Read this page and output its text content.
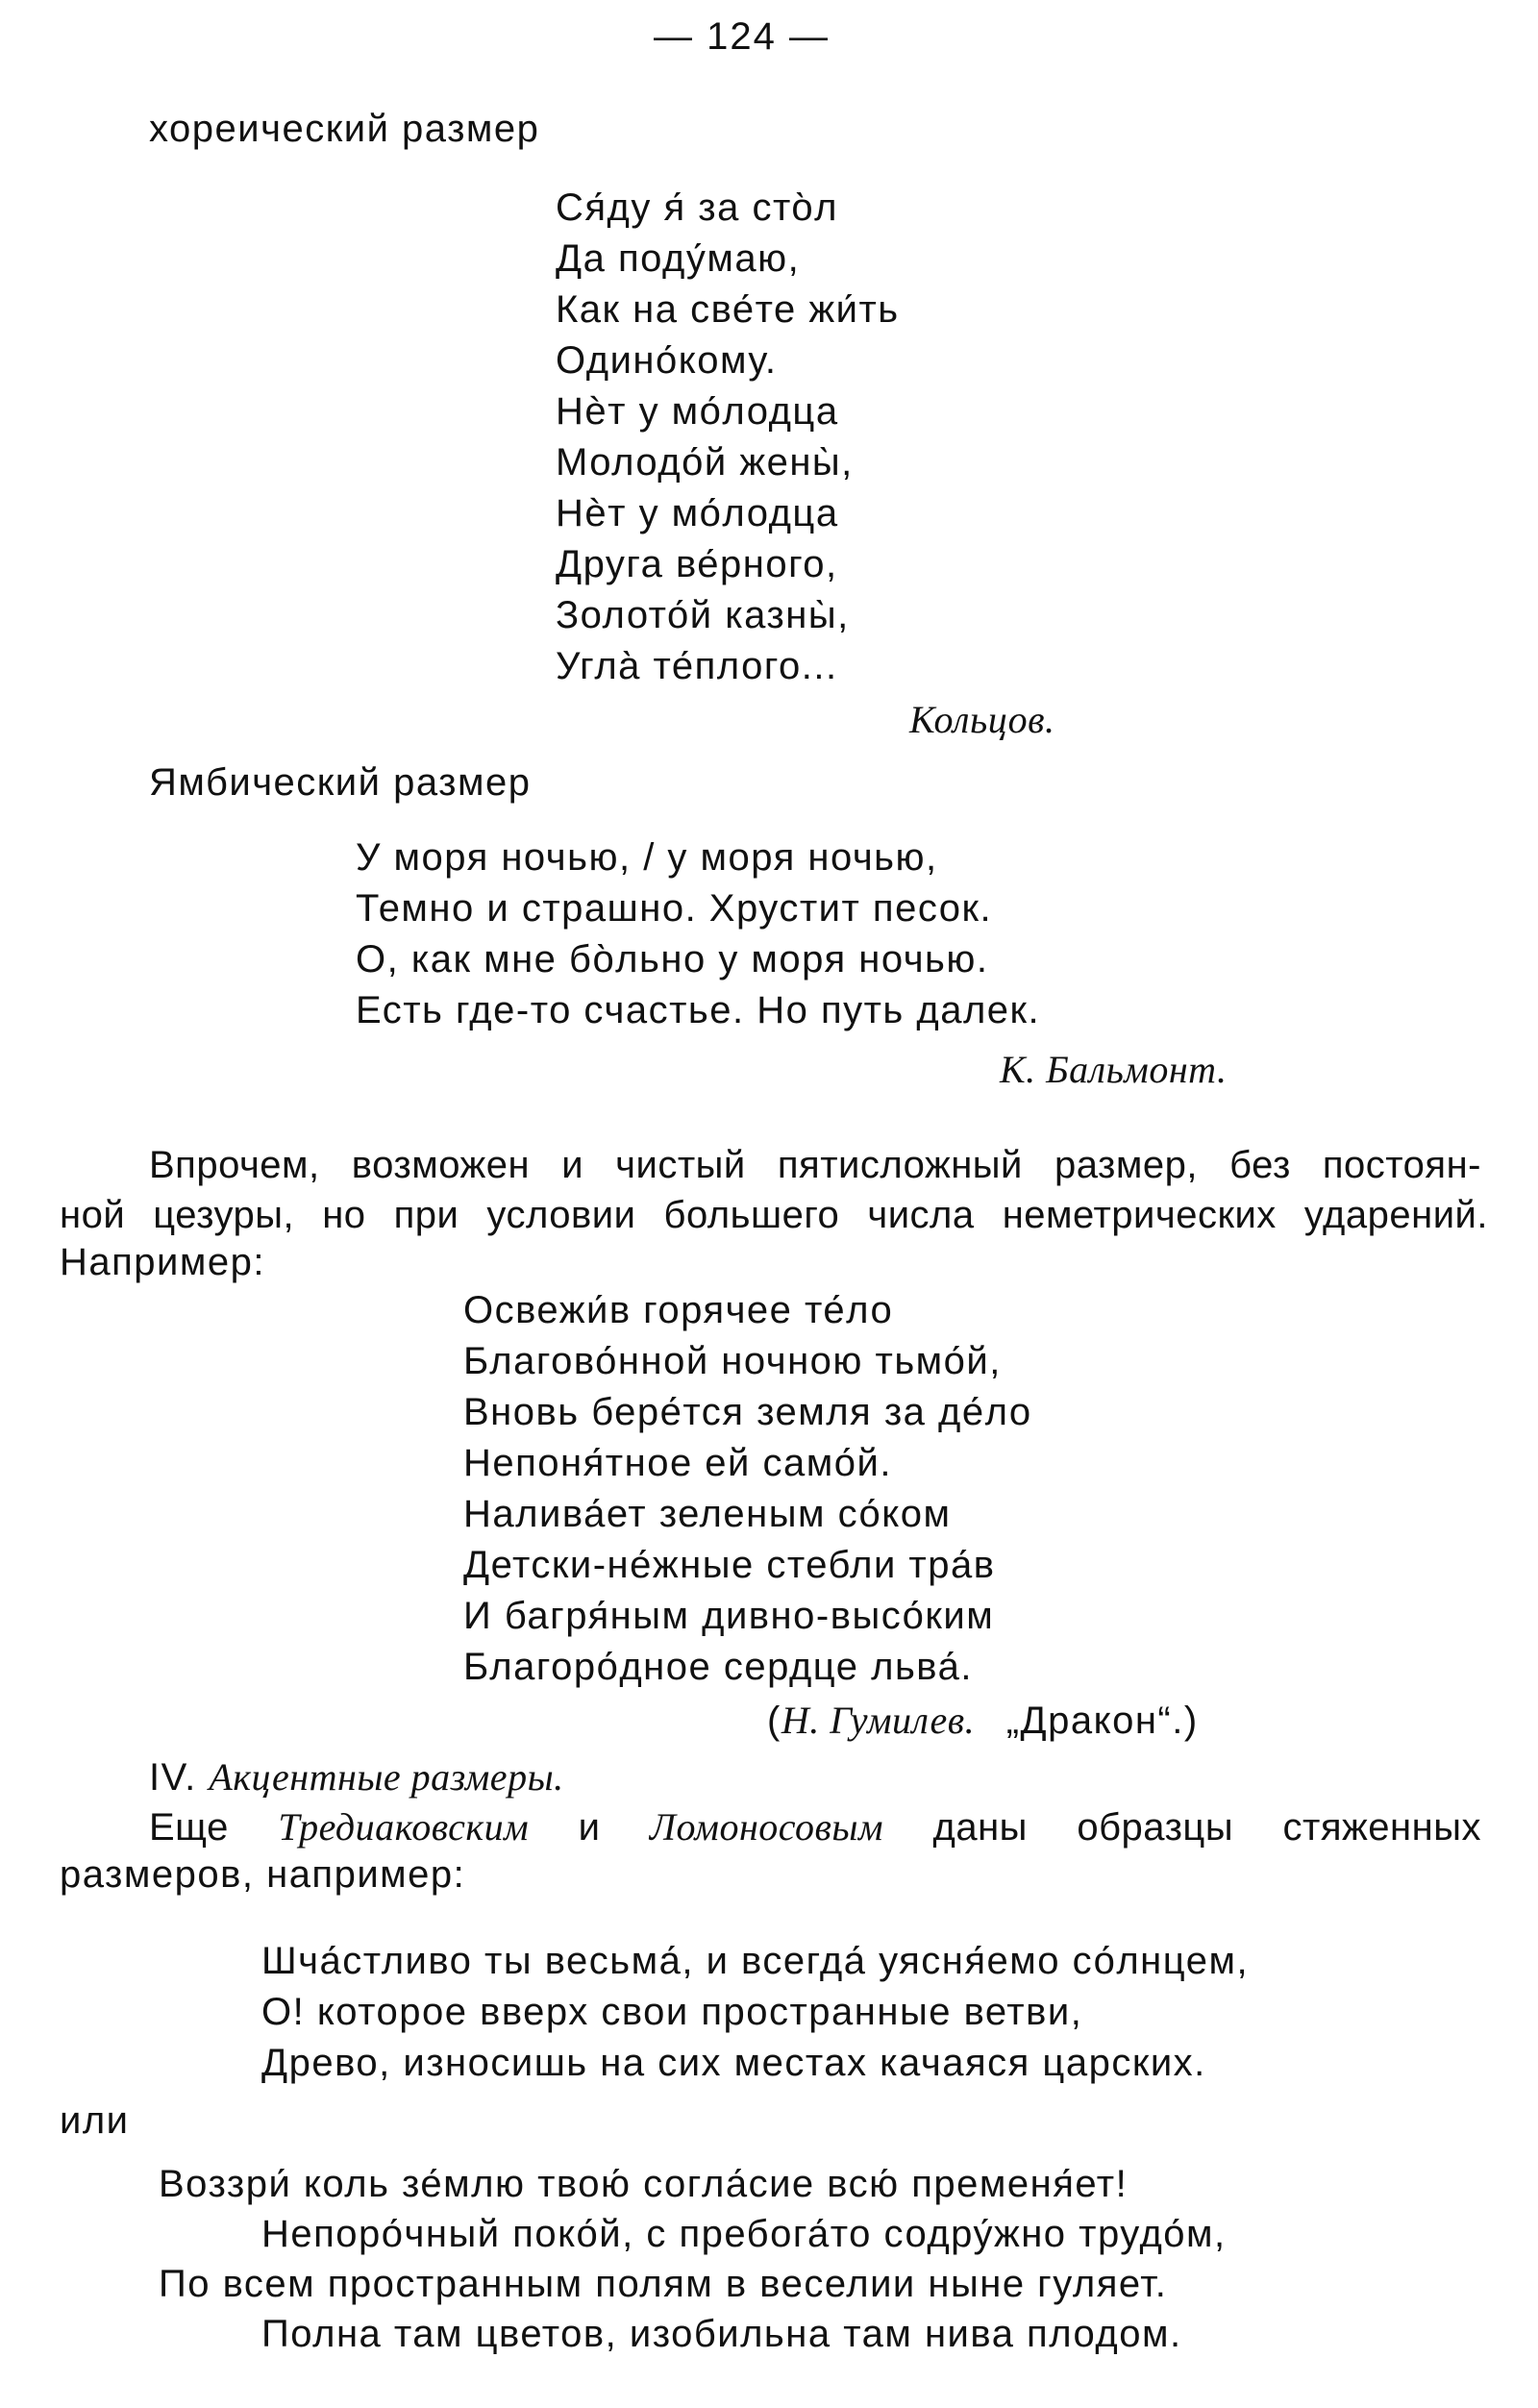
— 124 —
хореический размер
Ся́ду я́ за сто̀л
Да поду́маю,
Как на све́те жи́ть
Одино́кому.
Нѐт у мо́лодца
Молодо́й жены̀,
Нѐт у мо́лодца
Друга ве́рного,
Золото́й казны̀,
Угла̀ те́плого...
Кольцов.
Ямбический размер
У моря ночью, / у моря ночью,
Темно и страшно. Хрустит песок.
О, как мне бо̀льно у моря ночью.
Есть где-то счастье. Но путь далек.
К. Бальмонт.
Впрочем, возможен и чистый пятисложный размер, без постоян-
ной цезуры, но при условии большего числа неметрических ударений.
Например:
Освежи́в горячее те́ло
Благово́нной ночною тьмо́й,
Вновь бере́тся земля за де́ло
Непоня́тное ей само́й.
Налива́ет зеленым со́ком
Детски-не́жные стебли тра́в
И багря́ным дивно-высо́ким
Благоро́дное сердце льва́.
(Н. Гумилев. „Дракон“.)
IV. Акцентные размеры.
Еще Тредиаковским и Ломоносовым даны образцы стяженных
размеров, например:
Шча́стливо ты весьма́, и всегда́ уясня́емо со́лнцем,
О! которое вверх свои пространные ветви,
Древо, износишь на сих местах качаяся царских.
или
Воззри́ коль зе́млю твою́ согла́сие всю́ пременя́ет!
Непоро́чный поко́й, с пребога́то содру́жно трудо́м,
По всем пространным полям в веселии ныне гуляет.
Полна там цветов, изобильна там нива плодом.
